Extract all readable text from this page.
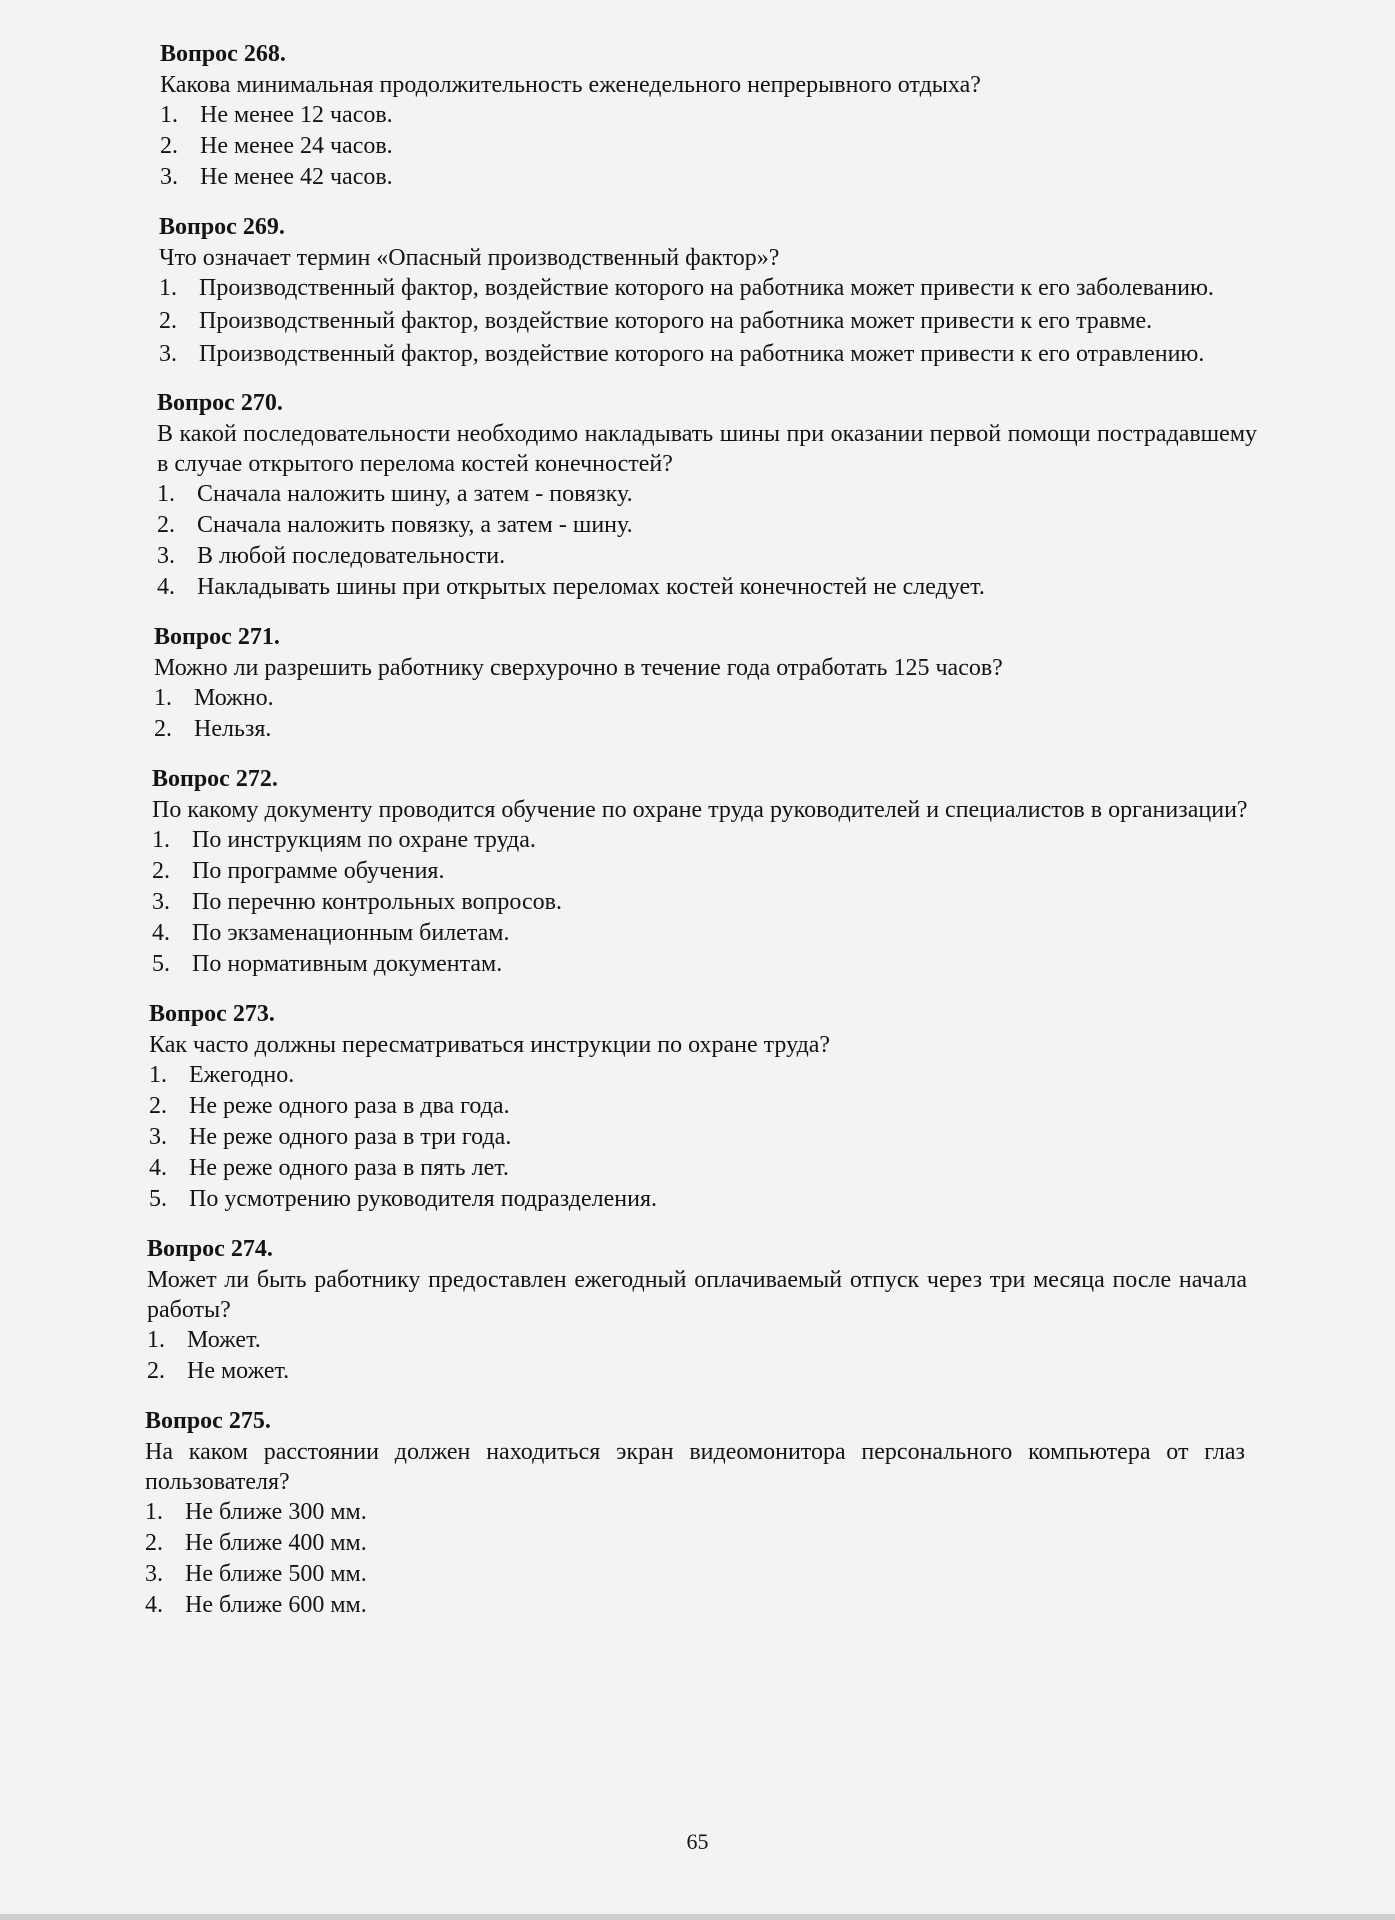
Вопрос 268.

Какова минимальная продолжительность еженедельного непрерывного отдыха?

1. Не менее 12 часов.
2. Не менее 24 часов.
3. Не менее 42 часов.

Вопрос 269.

Что означает термин «Опасный производственный фактор»?

1. Производственный фактор, воздействие которого на работника может привести к его заболеванию.
2. Производственный фактор, воздействие которого на работника может привести к его травме.
3. Производственный фактор, воздействие которого на работника может привести к его отравлению.

Вопрос 270.

В какой последовательности необходимо накладывать шины при оказании первой помощи пострадавшему в случае открытого перелома костей конечностей?

1. Сначала наложить шину, а затем - повязку.
2. Сначала наложить повязку, а затем - шину.
3. В любой последовательности.
4. Накладывать шины при открытых переломах костей конечностей не следует.

Вопрос 271.

Можно ли разрешить работнику сверхурочно в течение года отработать 125 часов?

1. Можно.
2. Нельзя.

Вопрос 272.

По какому документу проводится обучение по охране труда руководителей и специалистов в организации?

1. По инструкциям по охране труда.
2. По программе обучения.
3. По перечню контрольных вопросов.
4. По экзаменационным билетам.
5. По нормативным документам.

Вопрос 273.

Как часто должны пересматриваться инструкции по охране труда?

1. Ежегодно.
2. Не реже одного раза в два года.
3. Не реже одного раза в три года.
4. Не реже одного раза в пять лет.
5. По усмотрению руководителя подразделения.

Вопрос 274.

Может ли быть работнику предоставлен ежегодный оплачиваемый отпуск через три месяца после начала работы?

1. Может.
2. Не может.

Вопрос 275.

На каком расстоянии должен находиться экран видеомонитора персонального компьютера от глаз пользователя?

1. Не ближе 300 мм.
2. Не ближе 400 мм.
3. Не ближе 500 мм.
4. Не ближе 600 мм.
65
